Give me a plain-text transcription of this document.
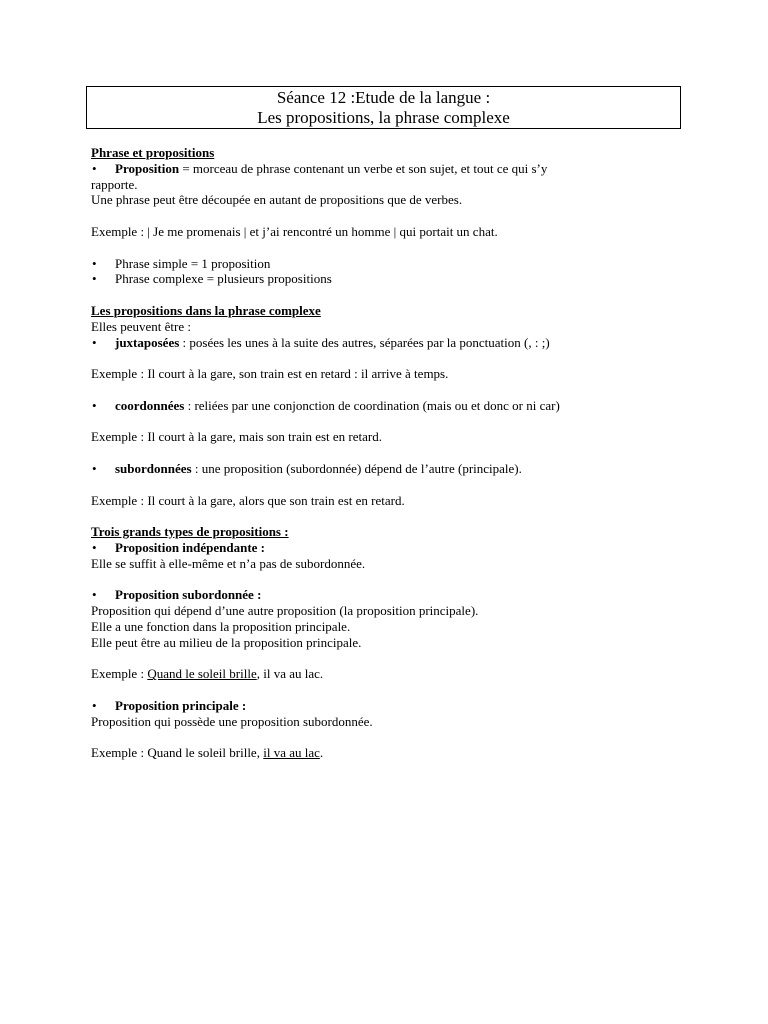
Séance 12 :Etude de la langue :
Les propositions, la phrase complexe
Phrase et propositions
• Proposition = morceau de phrase contenant un verbe et son sujet, et tout ce qui s’y
rapporte.
Une phrase peut être découpée en autant de propositions que de verbes.
Exemple : | Je me promenais | et j’ai rencontré un homme | qui portait un chat.
• Phrase simple = 1 proposition
• Phrase complexe = plusieurs propositions
Les propositions dans la phrase complexe
Elles peuvent être :
• juxtaposées : posées les unes à la suite des autres, séparées par la ponctuation (, : ;)
Exemple : Il court à la gare, son train est en retard : il arrive à temps.
• coordonnées : reliées par une conjonction de coordination (mais ou et donc or ni car)
Exemple : Il court à la gare, mais son train est en retard.
• subordonnées : une proposition (subordonnée) dépend de l’autre (principale).
Exemple : Il court à la gare, alors que son train est en retard.
Trois grands types de propositions :
• Proposition indépendante :
Elle se suffit à elle-même et n’a pas de subordonnée.
• Proposition subordonnée :
Proposition qui dépend d’une autre proposition (la proposition principale).
Elle a une fonction dans la proposition principale.
Elle peut être au milieu de la proposition principale.
Exemple : Quand le soleil brille, il va au lac.
• Proposition principale :
Proposition qui possède une proposition subordonnée.
Exemple : Quand le soleil brille, il va au lac.
